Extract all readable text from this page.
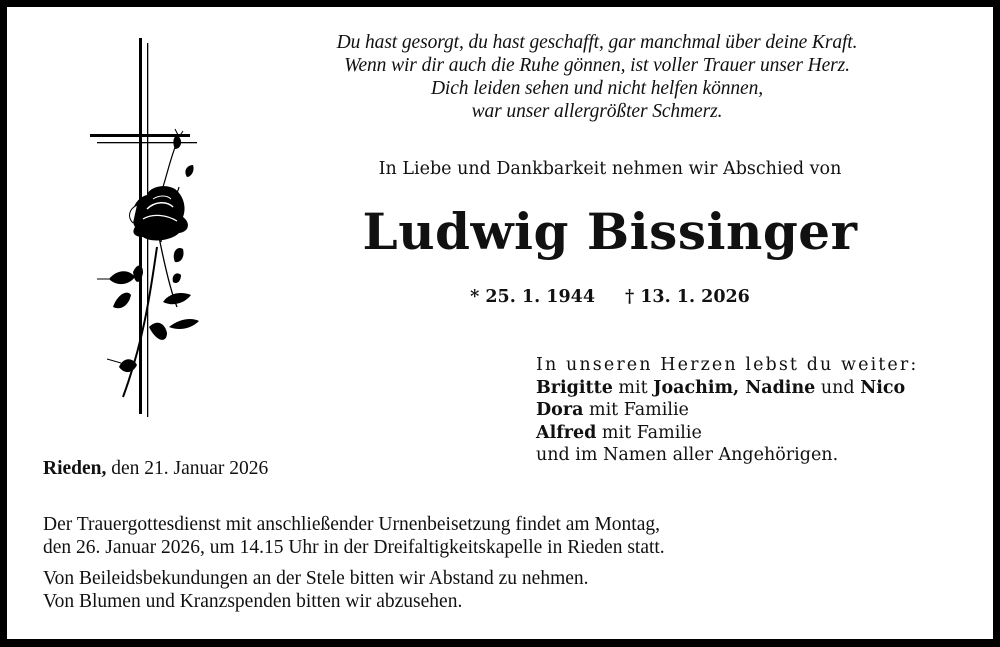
Du hast gesorgt, du hast geschafft, gar manchmal über deine Kraft.
Wenn wir dir auch die Ruhe gönnen, ist voller Trauer unser Herz.
Dich leiden sehen und nicht helfen können,
war unser allergrößter Schmerz.
In Liebe und Dankbarkeit nehmen wir Abschied von
Ludwig Bissinger
* 25. 1. 1944 † 13. 1. 2026
In unseren Herzen lebst du weiter:
Brigitte mit Joachim, Nadine und Nico
Dora mit Familie
Alfred mit Familie
und im Namen aller Angehörigen.
Rieden, den 21. Januar 2026
Der Trauergottesdienst mit anschließender Urnenbeisetzung findet am Montag,
den 26. Januar 2026, um 14.15 Uhr in der Dreifaltigkeitskapelle in Rieden statt.
Von Beileidsbekundungen an der Stele bitten wir Abstand zu nehmen.
Von Blumen und Kranzspenden bitten wir abzusehen.
